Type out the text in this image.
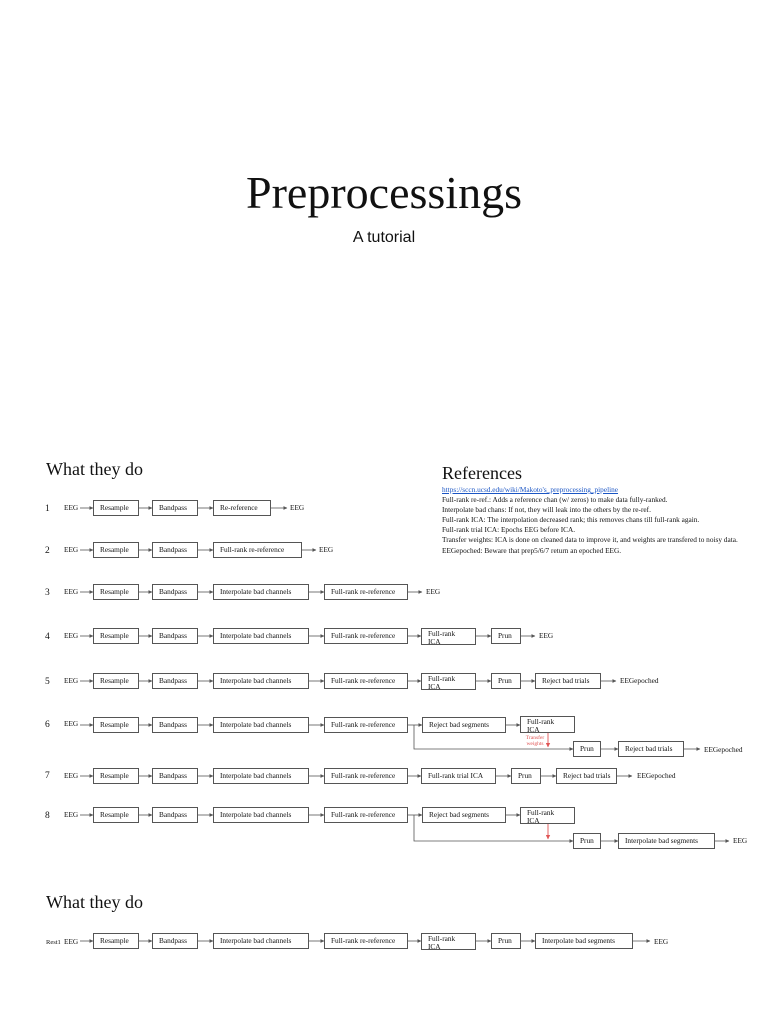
Preprocessings
A tutorial
What they do
What they do
References
https://sccn.ucsd.edu/wiki/Makoto's_preprocessing_pipeline
Full-rank re-ref.: Adds a reference chan (w/ zeros) to make data fully-ranked.
Interpolate bad chans: If not, they will leak into the others by the re-ref.
Full-rank ICA: The interpolation decreased rank; this removes chans till full-rank again.
Full-rank trial ICA: Epochs EEG before ICA.
Transfer weights: ICA is done on cleaned data to improve it, and weights are transfered to noisy data.
EEGepoched: Beware that prep5/6/7 return an epoched EEG.
1
2
3
4
5
6
7
8
Rest1
EEG	Resample	Bandpass	Re-reference	EEG
EEG	Resample	Bandpass	Full-rank re-reference	EEG
EEG	Resample	Bandpass	Interpolate bad channels	Full-rank re-reference	EEG
EEG	Resample	Bandpass	Interpolate bad channels	Full-rank re-reference	Full-rank
ICA
Prun	EEG
EEG	Resample	Bandpass	Interpolate bad channels	Full-rank re-reference	Full-rank
ICA
Prun	Reject bad trials	EEGepoched
EEG	Resample	Bandpass	Interpolate bad channels	Full-rank re-reference	Reject bad segments	Full-rank
ICA
Transfer
weights	Prun	Reject bad trials	EEGepoched
EEG	Resample	Bandpass	Interpolate bad channels	Full-rank re-reference	Full-rank trial ICA	Prun	Reject bad trials	EEGepoched
EEG	Resample	Bandpass	Interpolate bad channels	Full-rank re-reference	Reject bad segments	Full-rank
ICA
Prun	Interpolate bad segments	EEG
EEG	Resample	Bandpass	Interpolate bad channels	Full-rank re-reference	Full-rank
ICA
Prun	Interpolate bad segments	EEG
